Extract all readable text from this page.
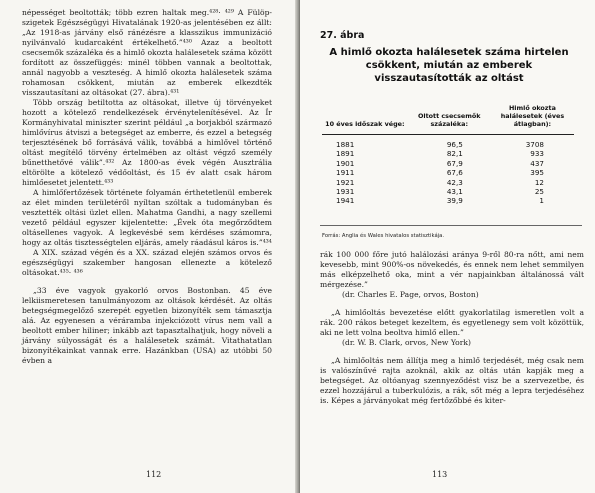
népességet beoltották; több ezren haltak meg.⁴²⁸· ⁴²⁹ A Fülöp-szigetek Egészségügyi Hivatalának 1920-as jelentésében ez állt: „Az 1918-as járvány első ránézésre a klasszikus immunizáció nyilvánvaló kudarcaként értékelhető.”⁴³⁰ Azaz a beoltott csecsemők százaléka és a himlő okozta halálesetek száma között fordított az összefüggés: minél többen vannak a beoltottak, annál nagyobb a veszteség. A himlő okozta halálesetek száma rohamosan csökkent, miután az emberek elkezdték visszautasítani az oltásokat (27. ábra).⁴³¹

Több ország betiltotta az oltásokat, illetve új törvényeket hozott a kötelező rendelkezések érvénytelenítésével. Az Ír Kormányhivatal miniszter szerint például „a borjakból származó himlővírus átviszi a betegséget az emberre, és ezzel a betegség terjesztésének bő forrásává válik, továbbá a himlővel történő oltást megítélő törvény értelmében az oltást végző személy bűnetthetővé válik”.⁴³² Az 1800-as évek végén Ausztrália eltörölte a kötelező védőoltást, és 15 év alatt csak három himlőesetet jelentett.⁴³³

A himlőfertőzések története folyamán érthetetlenül emberek az élet minden területéről nyíltan szóltak a tudományban és vesztették oltási üzlet ellen. Mahatma Gandhi, a nagy szellemi vezető például egyszer kijelentette: „Évek óta megőrződtem oltásellenes vagyok. A legkevésbé sem kérdéses számomra, hogy az oltás tisztességtelen eljárás, amely ráadásul káros is.”⁴³⁴

A XIX. század végén és a XX. század elején számos orvos és egészségügyi szakember hangosan ellenezte a kötelező oltásokat.⁴³⁵· ⁴³⁶

„33 éve vagyok gyakorló orvos Bostonban. 45 éve lelkiismeretesen tanulmányozom az oltások kérdését. Az oltás betegségmegelőző szerepét egyetlen bizonyíték sem támasztja alá. Az egyenesen a véráramba injekciózott vírus nem vall a beoltott ember hiliner; inkább azt tapasztalhatjuk, hogy növeli a járvány súlyosságát és a halálesetek számát. Vitathatatlan bizonyítékainkat vannak erre. Hazánkban (USA) az utóbbi 50 évben a

112
27. ábra
A himlő okozta halálesetek száma hirtelen csökkent, miután az emberek visszautasították az oltást
10 éves időszak vége:	Oltott csecsemők százaléka:	Himlő okozta halálesetek (éves átlagban):
1881	96,5	3708
1891	82,1	933
1901	67,9	437
1911	67,6	395
1921	42,3	12
1931	43,1	25
1941	39,9	1
Forrás: Anglia és Wales hivatalos statisztikája.

rák 100 000 főre jutó halálozási aránya 9-ről 80-ra nőtt, ami nem kevesebb, mint 900%-os növekedés, és ennek nem lehet semmilyen más elképzelhető oka, mint a vér napjainkban általánossá vált mérgezése.”

(dr. Charles E. Page, orvos, Boston)

„A himlőoltás bevezetése előtt gyakorlatilag ismeretlen volt a rák. 200 rákos beteget kezeltem, és egyetlenegy sem volt közöttük, aki ne lett volna beoltva himlő ellen.”

(dr. W. B. Clark, orvos, New York)

„A himlőoltás nem állítja meg a himlő terjedését, még csak nem is valószínűvé rajta azoknál, akik az oltás után kapják meg a betegséget. Az oltóanyag szennyeződést visz be a szervezetbe, és ezzel hozzájárul a tuberkulózis, a rák, sőt még a lepra terjedéséhez is. Képes a járványokat még fertőzőbbé és kiter-

113
